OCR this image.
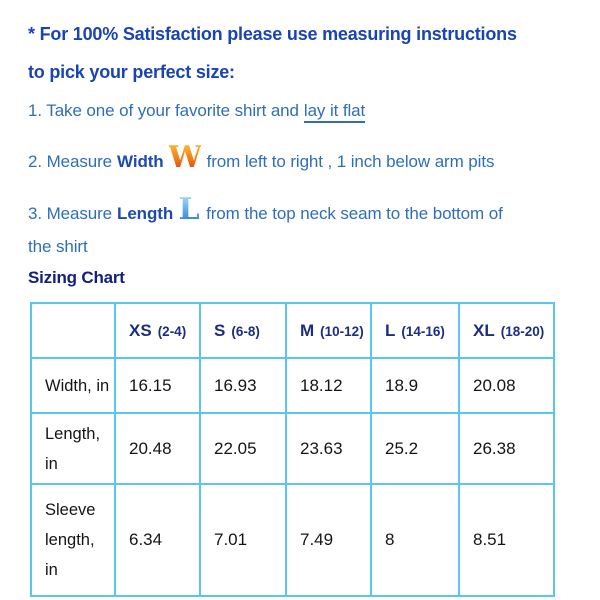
* For 100% Satisfaction please use measuring instructions
to pick your perfect size:

1. Take one of your favorite shirt and lay it flat

2. Measure Width W from left to right , 1 inch below arm pits

3. Measure Length L from the top neck seam to the bottom of
the shirt

Sizing Chart
	XS (2-4)	S (6-8)	M (10-12)	L (14-16)	XL (18-20)
Width, in	16.15	16.93	18.12	18.9	20.08
Length, in	20.48	22.05	23.63	25.2	26.38
Sleeve length, in	6.34	7.01	7.49	8	8.51
